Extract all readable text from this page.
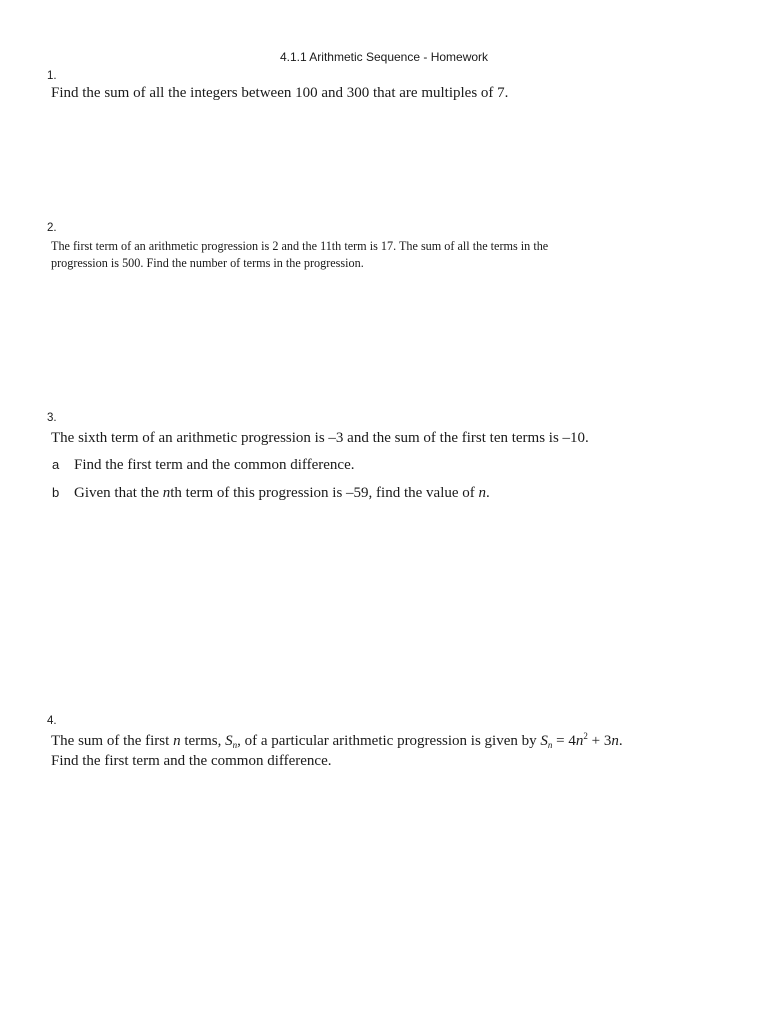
4.1.1 Arithmetic Sequence - Homework
1.
Find the sum of all the integers between 100 and 300 that are multiples of 7.
2.
The first term of an arithmetic progression is 2 and the 11th term is 17. The sum of all the terms in the
progression is 500. Find the number of terms in the progression.
3.
The sixth term of an arithmetic progression is –3 and the sum of the first ten terms is –10.
a Find the first term and the common difference.
b Given that the nth term of this progression is –59, find the value of n.
4.
The sum of the first n terms, $S_n$, of a particular arithmetic progression is given by $S_n = 4n^2 + 3n$.
Find the first term and the common difference.
